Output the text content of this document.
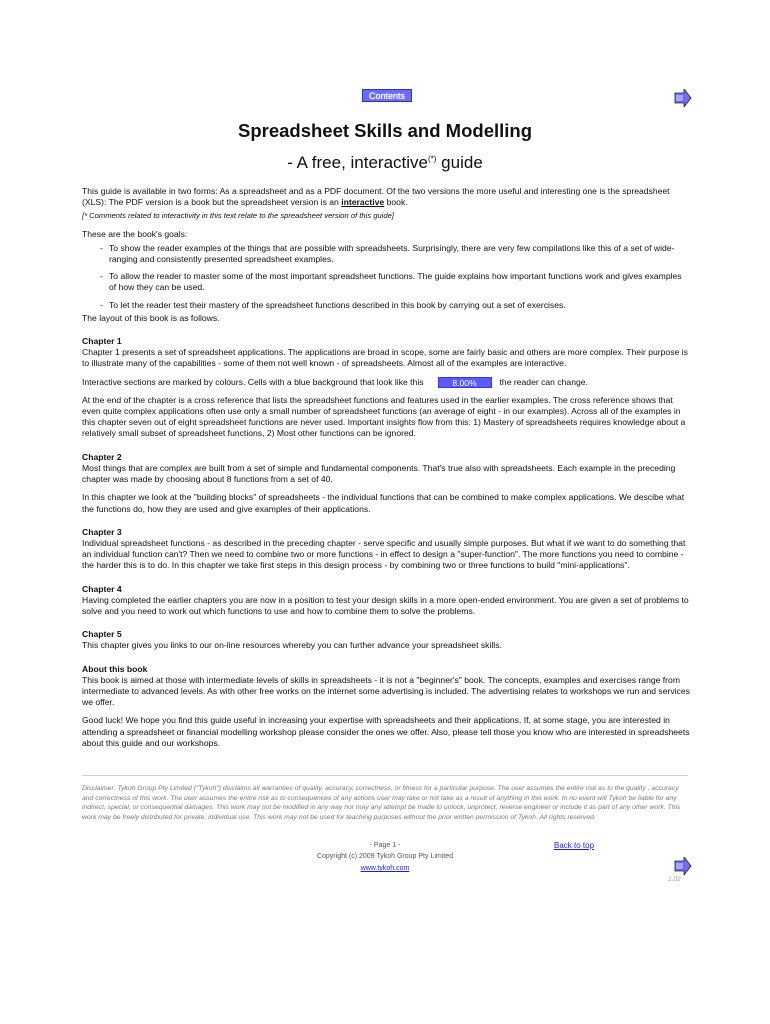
Contents
Spreadsheet Skills and Modelling
- A free, interactive(*) guide

This guide is available in two forms: As a spreadsheet and as a PDF document. Of the two versions the more useful and interesting one is the spreadsheet (XLS): The PDF version is a book but the spreadsheet version is an interactive book.

[* Comments related to interactivity in this text relate to the spreadsheet version of this guide]

These are the book's goals:

- To show the reader examples of the things that are possible with spreadsheets. Surprisingly, there are very few compilations like this of a set of wide-ranging and consistently presented spreadsheet examples.
- To allow the reader to master some of the most important spreadsheet functions. The guide explains how important functions work and gives examples of how they can be used.
- To let the reader test their mastery of the spreadsheet functions described in this book by carrying out a set of exercises.

The layout of this book is as follows.

Chapter 1

Chapter 1 presents a set of spreadsheet applications. The applications are broad in scope, some are fairly basic and others are more complex. Their purpose is to illustrate many of the capabilities - some of them not well known - of spreadsheets. Almost all of the examples are interactive.

Interactive sections are marked by colours. Cells with a blue background that look like this	8.00%	the reader can change.

At the end of the chapter is a cross reference that lists the spreadsheet functions and features used in the earlier examples. The cross reference shows that even quite complex applications often use only a small number of spreadsheet functions (an average of eight - in our examples). Across all of the examples in this chapter seven out of eight spreadsheet functions are never used. Important insights flow from this: 1) Mastery of spreadsheets requires knowledge about a relatively small subset of spreadsheet functions, 2) Most other functions can be ignored.

Chapter 2

Most things that are complex are built from a set of simple and fundamental components. That's true also with spreadsheets. Each example in the preceding chapter was made by choosing about 8 functions from a set of 40.

In this chapter we look at the "building blocks" of spreadsheets - the individual functions that can be combined to make complex applications. We descibe what the functions do, how they are used and give examples of their applications.

Chapter 3

Individual spreadsheet functions - as described in the preceding chapter - serve specific and usually simple purposes. But what if we want to do something that an individual function can't? Then we need to combine two or more functions - in effect to design a "super-function". The more functions you need to combine - the harder this is to do. In this chapter we take first steps in this design process - by combining two or three functions to build "mini-applications".

Chapter 4

Having completed the earlier chapters you are now in a position to test your design skills in a more open-ended environment. You are given a set of problems to solve and you need to work out which functions to use and how to combine them to solve the problems.

Chapter 5

This chapter gives you links to our on-line resources whereby you can further advance your spreadsheet skills.

About this book

This book is aimed at those with intermediate levels of skills in spreadsheets - it is not a "beginner's" book. The concepts, examples and exercises range from intermediate to advanced levels. As with other free works on the internet some advertising is included. The advertising relates to workshops we run and services we offer.

Good luck! We hope you find this guide useful in increasing your expertise with spreadsheets and their applications. If, at some stage, you are interested in attending a spreadsheet or financial modelling workshop please consider the ones we offer. Also, please tell those you know who are interested in spreadsheets about this guide and our workshops.

Disclaimer: Tykoh Group Pty Limited ("Tykoh") disclaims all warranties of quality, accuracy, correctness, or fitness for a particular purpose. The user assumes the entire risk as to the quality , accuracy and correctness of this work. The user assumes the entire risk as to consequences of any actions user may take or not take as a result of anything in this work. In no event will Tykoh be liable for any indirect, special, or consequential damages. This work may not be modified in any way nor may any attempt be made to unlock, unprotect, reverse engineer or include it as part of any other work. This work may be freely distributed for private, individual use. This work may not be used for teaching purposes without the prior written permission of Tykoh. All rights reserved.
- Page 1 -	Back to top
Copyright (c) 2009 Tykoh Group Pty Limited
www.tykoh.com
1.02
